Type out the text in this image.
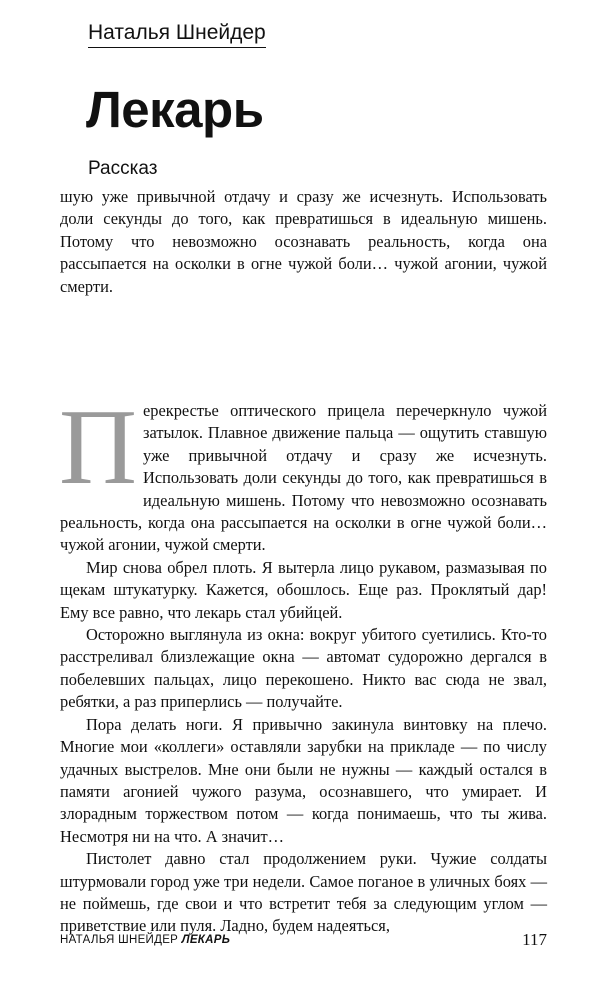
Наталья Шнейдер
Лекарь
Рассказ

шую уже привычной отдачу и сразу же исчезнуть. Использовать доли секунды до того, как превратишься в идеальную мишень. Потому что невозможно осознавать реальность, когда она рассыпается на осколки в огне чужой боли… чужой агонии, чужой смерти.

Перекрестье оптического прицела перечеркнуло чужой затылок. Плавное движение пальца — ощутить ставшую уже привычной отдачу и сразу же исчезнуть. Использовать доли секунды до того, как превратишься в идеальную мишень. Потому что невозможно осознавать реальность, когда она рассыпается на осколки в огне чужой боли… чужой агонии, чужой смерти.

Мир снова обрел плоть. Я вытерла лицо рукавом, размазывая по щекам штукатурку. Кажется, обошлось. Еще раз. Проклятый дар! Ему все равно, что лекарь стал убийцей.

Осторожно выглянула из окна: вокруг убитого суетились. Кто-то расстреливал близлежащие окна — автомат судорожно дергался в побелевших пальцах, лицо перекошено. Никто вас сюда не звал, ребятки, а раз приперлись — получайте.

Пора делать ноги. Я привычно закинула винтовку на плечо. Многие мои «коллеги» оставляли зарубки на прикладе — по числу удачных выстрелов. Мне они были не нужны — каждый остался в памяти агонией чужого разума, осознавшего, что умирает. И злорадным торжеством потом — когда понимаешь, что ты жива. Несмотря ни на что. А значит…

Пистолет давно стал продолжением руки. Чужие солдаты штурмовали город уже три недели. Самое поганое в уличных боях — не поймешь, где свои и что встретит тебя за следующим углом — приветствие или пуля. Ладно, будем надеяться,

НАТАЛЬЯ ШНЕЙДЕР ЛЕКАРЬ	117
